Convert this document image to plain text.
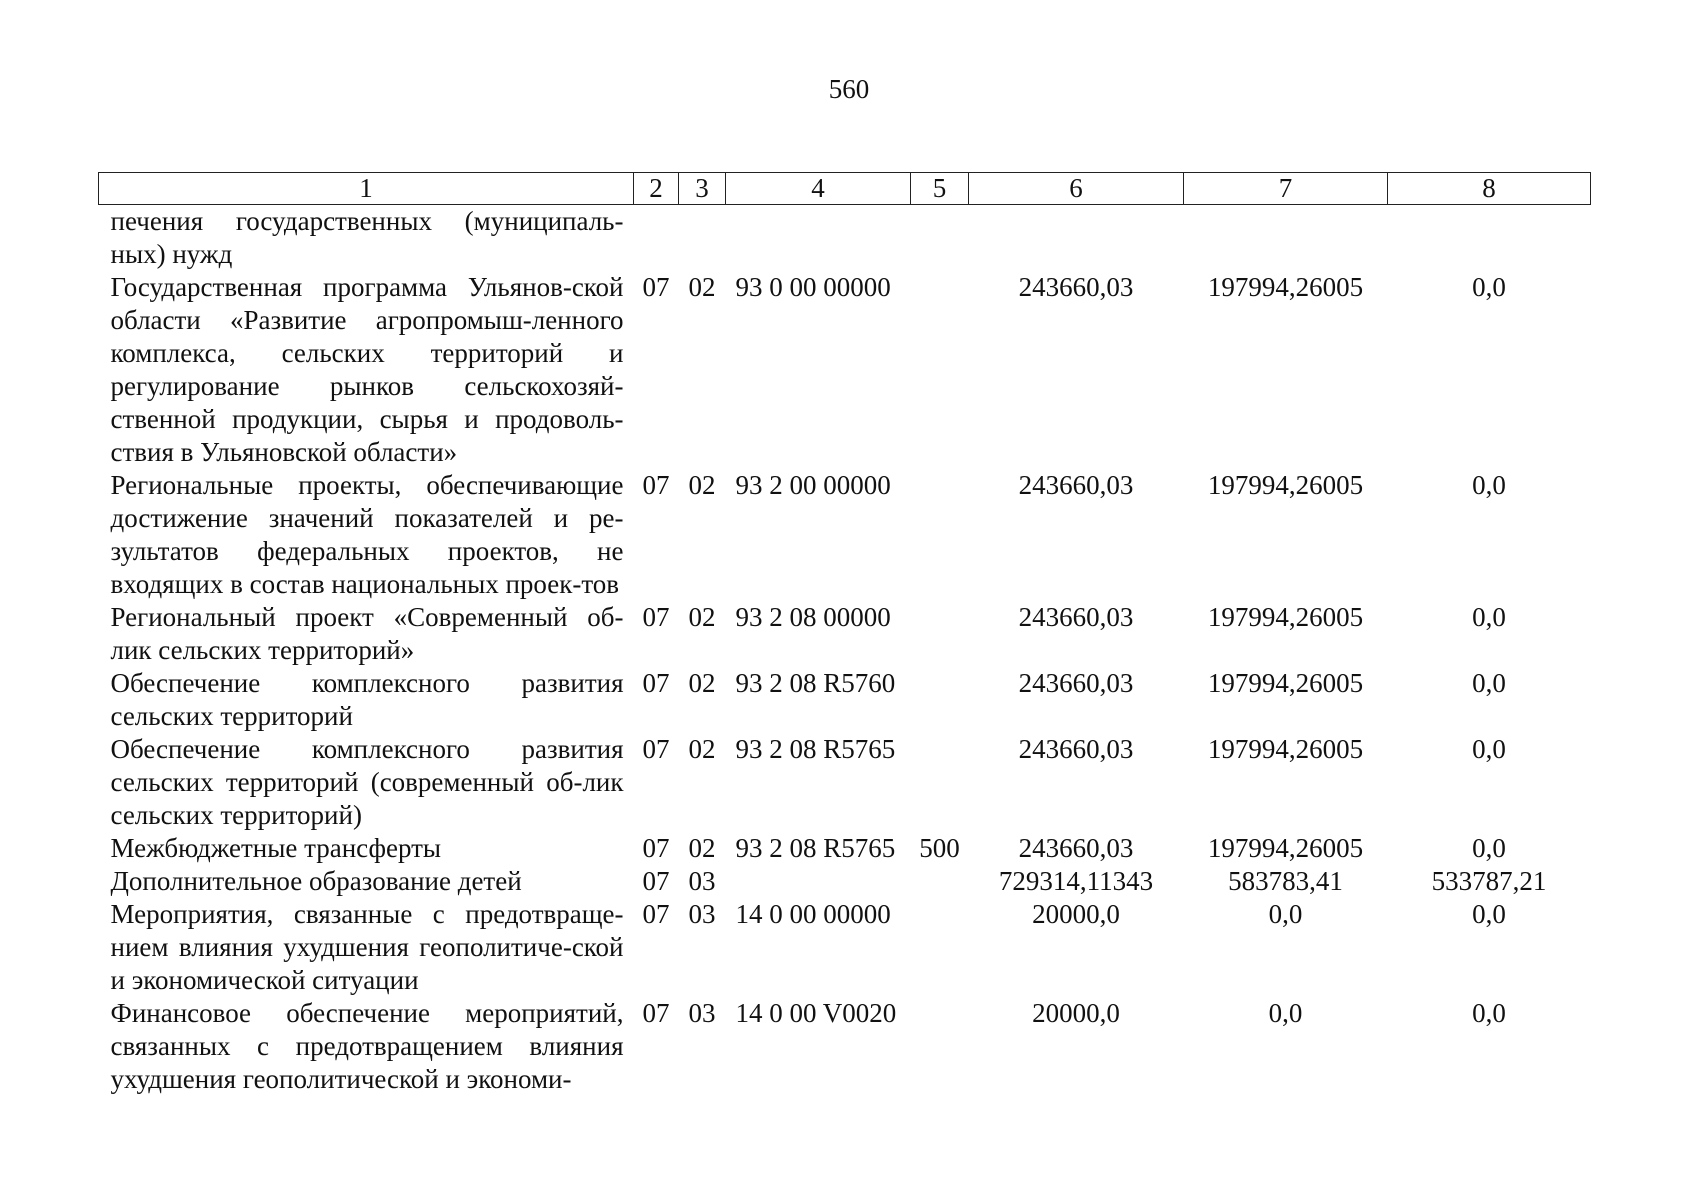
560
1	2	3	4	5	6	7	8
печения государственных (муниципаль-ных) нужд							
Государственная программа Ульянов-ской области «Развитие агропромыш-ленного комплекса, сельских территорий и регулирование рынков сельскохозяй-ственной продукции, сырья и продоволь-ствия в Ульяновской области»	07	02	93 0 00 00000		243660,03	197994,26005	0,0
Региональные проекты, обеспечивающие достижение значений показателей и ре-зультатов федеральных проектов, не входящих в состав национальных проек-тов	07	02	93 2 00 00000		243660,03	197994,26005	0,0
Региональный проект «Современный об-лик сельских территорий»	07	02	93 2 08 00000		243660,03	197994,26005	0,0
Обеспечение комплексного развития сельских территорий	07	02	93 2 08 R5760		243660,03	197994,26005	0,0
Обеспечение комплексного развития сельских территорий (современный об-лик сельских территорий)	07	02	93 2 08 R5765		243660,03	197994,26005	0,0
Межбюджетные трансферты	07	02	93 2 08 R5765	500	243660,03	197994,26005	0,0
Дополнительное образование детей	07	03			729314,11343	583783,41	533787,21
Мероприятия, связанные с предотвраще-нием влияния ухудшения геополитиче-ской и экономической ситуации	07	03	14 0 00 00000		20000,0	0,0	0,0
Финансовое обеспечение мероприятий, связанных с предотвращением влияния ухудшения геополитической и экономи-	07	03	14 0 00 V0020		20000,0	0,0	0,0
